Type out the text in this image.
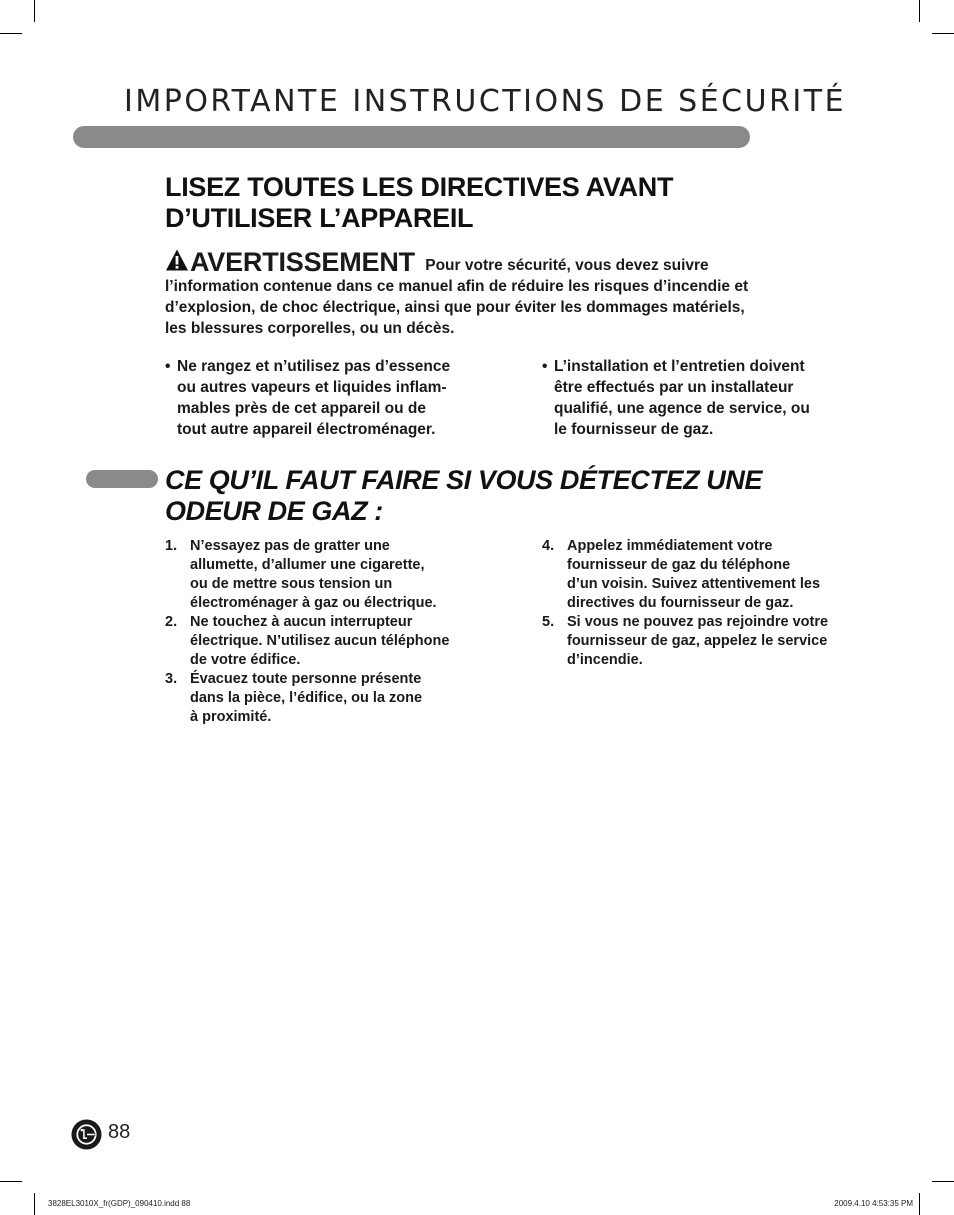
IMPORTANTE INSTRUCTIONS DE SÉCURITÉ
LISEZ TOUTES LES DIRECTIVES AVANT
D’UTILISER L’APPAREIL
AVERTISSEMENT Pour votre sécurité, vous devez suivre
l’information contenue dans ce manuel afin de réduire les risques d’incendie et
d’explosion, de choc électrique, ainsi que pour éviter les dommages matériels,
les blessures corporelles, ou un décès.
• Ne rangez et n’utilisez pas d’essence
ou autres vapeurs et liquides inflam-
mables près de cet appareil ou de
tout autre appareil électroménager.
• L’installation et l’entretien doivent
être effectués par un installateur
qualifié, une agence de service, ou
le fournisseur de gaz.
CE QU’IL FAUT FAIRE SI VOUS DÉTECTEZ UNE
ODEUR DE GAZ :
1. N’essayez pas de gratter une
allumette, d’allumer une cigarette,
ou de mettre sous tension un
électroménager à gaz ou électrique.
2. Ne touchez à aucun interrupteur
électrique. N’utilisez aucun téléphone
de votre édifice.
3. Évacuez toute personne présente
dans la pièce, l’édifice, ou la zone
à proximité.
4. Appelez immédiatement votre
fournisseur de gaz du téléphone
d’un voisin. Suivez attentivement les
directives du fournisseur de gaz.
5. Si vous ne pouvez pas rejoindre votre
fournisseur de gaz, appelez le service
d’incendie.
88
3828EL3010X_fr(GDP)_090410.indd 88	2009.4.10 4:53:35 PM
